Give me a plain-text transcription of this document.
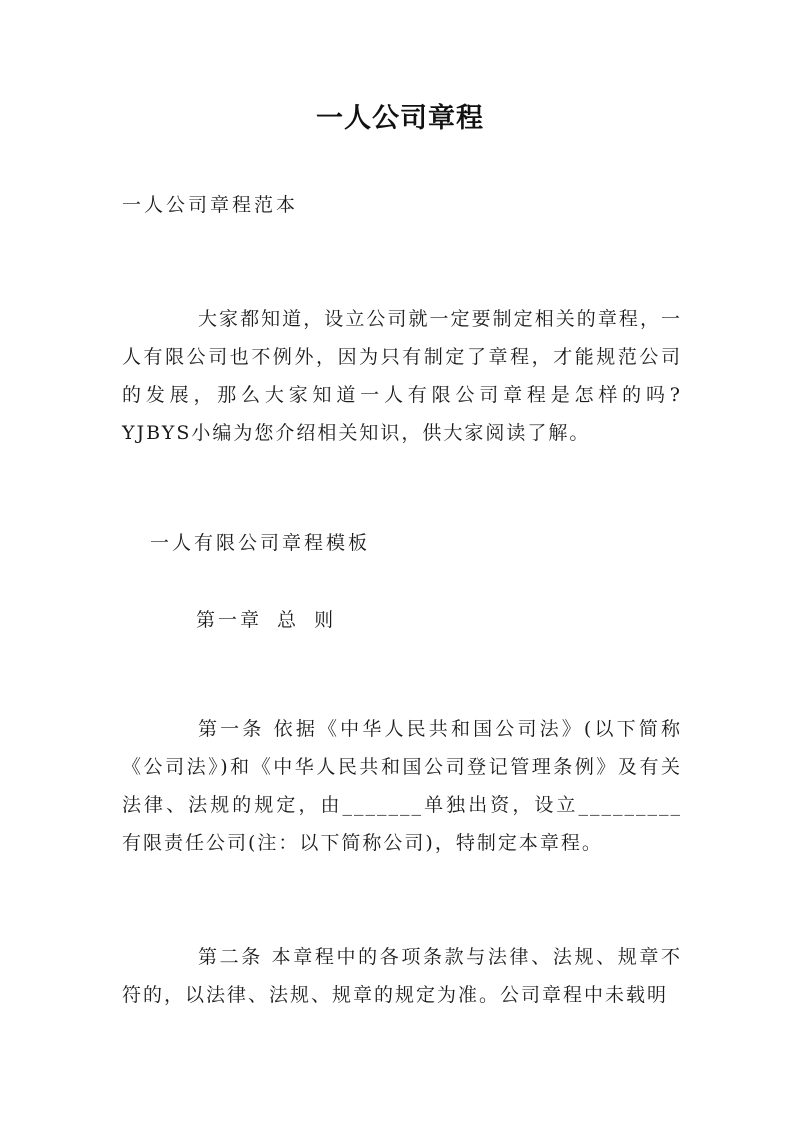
一人公司章程
一人公司章程范本
大家都知道，设立公司就一定要制定相关的章程，一人有限公司也不例外，因为只有制定了章程，才能规范公司的发展，那么大家知道一人有限公司章程是怎样的吗?YJBYS小编为您介绍相关知识，供大家阅读了解。
一人有限公司章程模板
第一章 总 则
第一条 依据《中华人民共和国公司法》(以下简称《公司法》)和《中华人民共和国公司登记管理条例》及有关法律、法规的规定，由_______单独出资，设立_________有限责任公司(注：以下简称公司)，特制定本章程。
第二条 本章程中的各项条款与法律、法规、规章不符的，以法律、法规、规章的规定为准。公司章程中未载明
